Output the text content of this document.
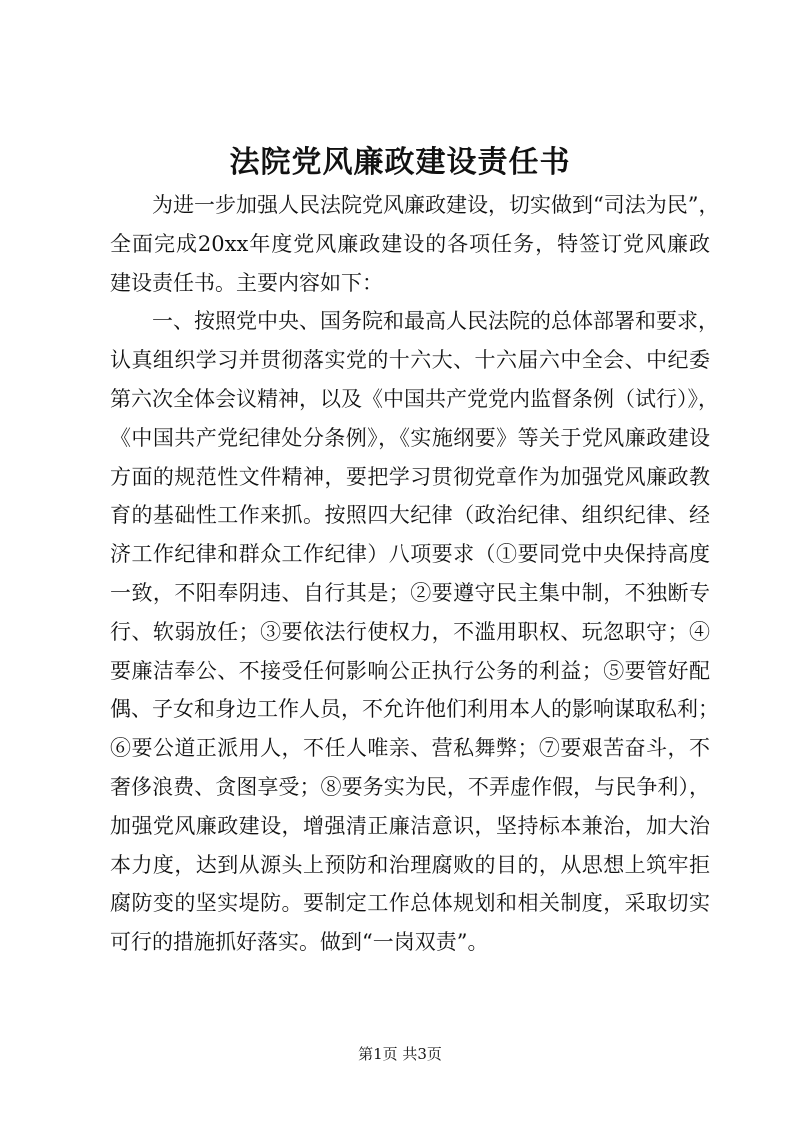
法院党风廉政建设责任书
为进一步加强人民法院党风廉政建设，切实做到“司法为民”，
全面完成20xx年度党风廉政建设的各项任务，特签订党风廉政
建设责任书。主要内容如下：
一、按照党中央、国务院和最高人民法院的总体部署和要求，
认真组织学习并贯彻落实党的十六大、十六届六中全会、中纪委
第六次全体会议精神，以及《中国共产党党内监督条例（试行）》，
《中国共产党纪律处分条例》，《实施纲要》等关于党风廉政建设
方面的规范性文件精神，要把学习贯彻党章作为加强党风廉政教
育的基础性工作来抓。按照四大纪律（政治纪律、组织纪律、经
济工作纪律和群众工作纪律）八项要求（①要同党中央保持高度
一致，不阳奉阴违、自行其是；②要遵守民主集中制，不独断专
行、软弱放任；③要依法行使权力，不滥用职权、玩忽职守；④
要廉洁奉公、不接受任何影响公正执行公务的利益；⑤要管好配
偶、子女和身边工作人员，不允许他们利用本人的影响谋取私利；
⑥要公道正派用人，不任人唯亲、营私舞弊；⑦要艰苦奋斗，不
奢侈浪费、贪图享受；⑧要务实为民，不弄虚作假，与民争利），
加强党风廉政建设，增强清正廉洁意识，坚持标本兼治，加大治
本力度，达到从源头上预防和治理腐败的目的，从思想上筑牢拒
腐防变的坚实堤防。要制定工作总体规划和相关制度，采取切实
可行的措施抓好落实。做到“一岗双责”。
第1页 共3页
